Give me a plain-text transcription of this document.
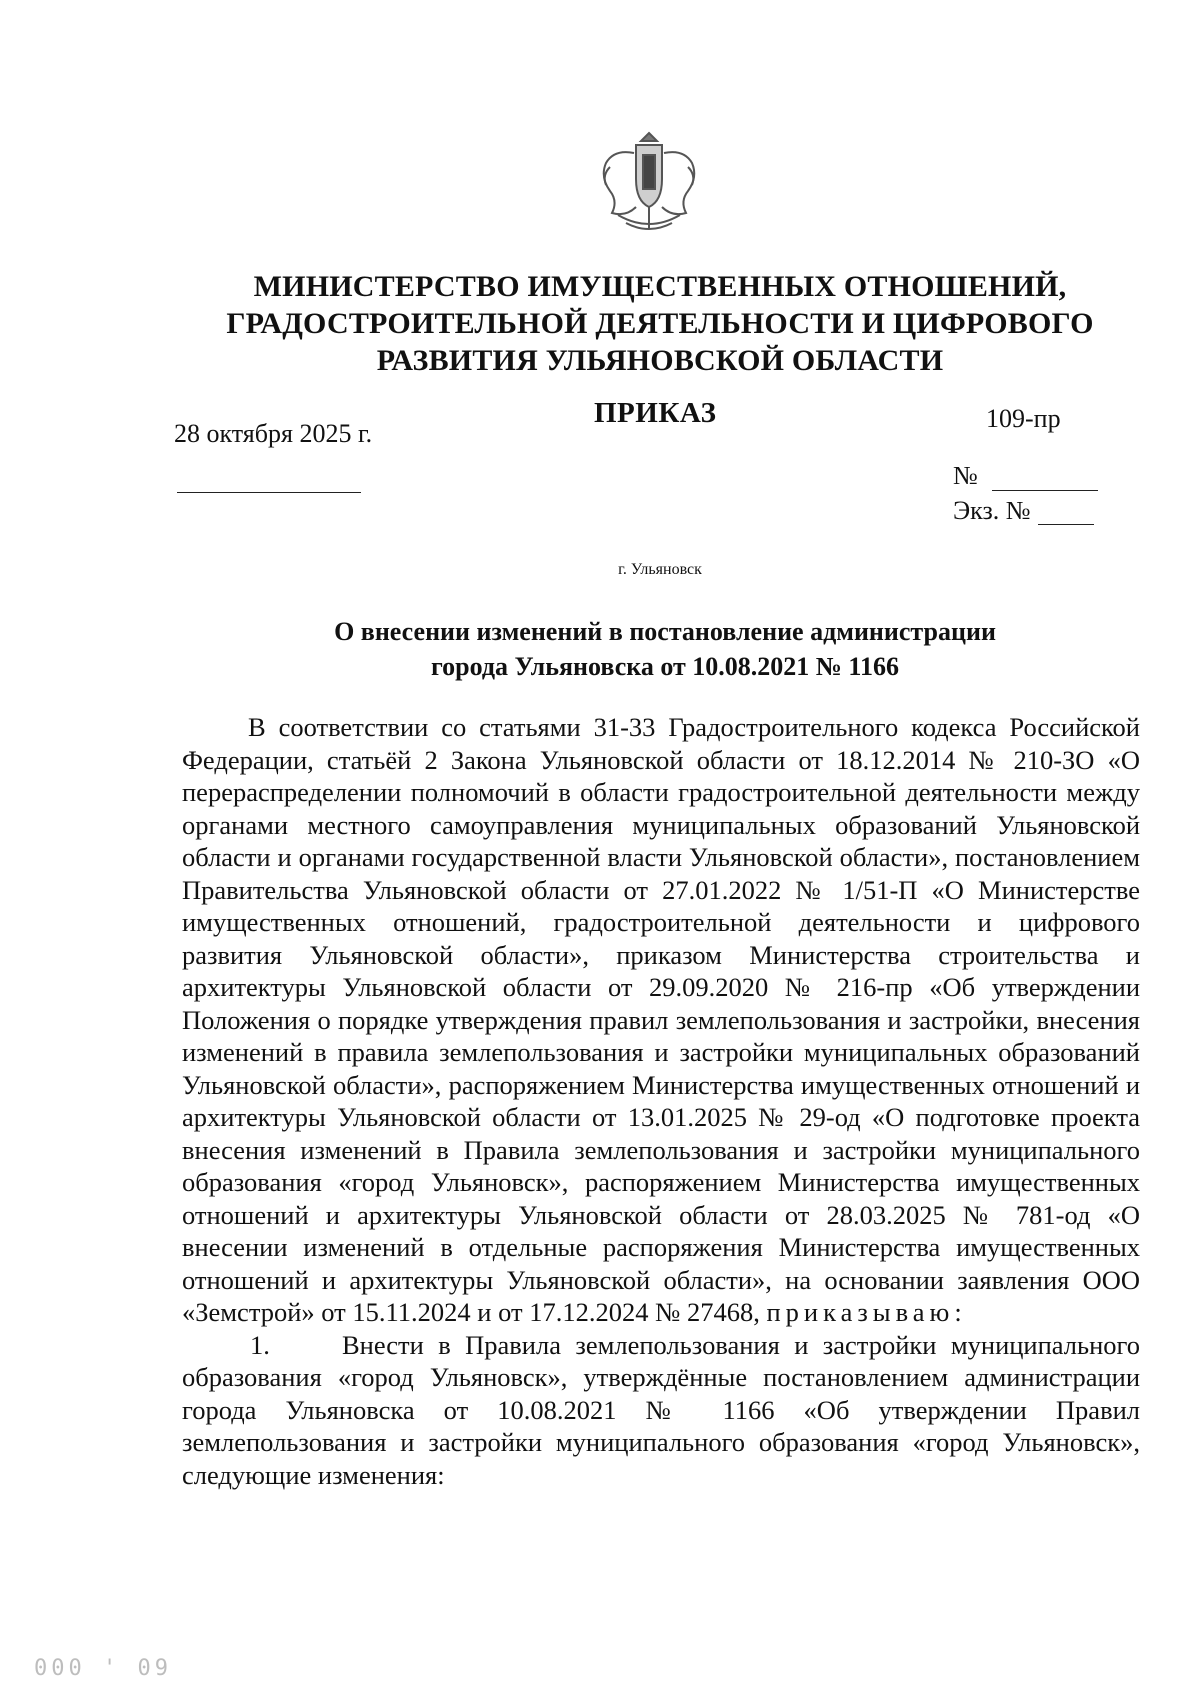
МИНИСТЕРСТВО ИМУЩЕСТВЕННЫХ ОТНОШЕНИЙ,
ГРАДОСТРОИТЕЛЬНОЙ ДЕЯТЕЛЬНОСТИ И ЦИФРОВОГО
РАЗВИТИЯ УЛЬЯНОВСКОЙ ОБЛАСТИ
ПРИКАЗ
28 октября 2025 г.
109-пр
№
Экз. №
г. Ульяновск
О внесении изменений в постановление администрации
города Ульяновска от 10.08.2021 № 1166

В соответствии со статьями 31-33 Градостроительного кодекса Российской Федерации, статьёй 2 Закона Ульяновской области от 18.12.2014 № 210-ЗО «О перераспределении полномочий в области градостроительной деятельности между органами местного самоуправления муниципальных образований Ульяновской области и органами государственной власти Ульяновской области», постановлением Правительства Ульяновской области от 27.01.2022 № 1/51-П «О Министерстве имущественных отношений, градостроительной деятельности и цифрового развития Ульяновской области», приказом Министерства строительства и архитектуры Ульяновской области от 29.09.2020 № 216-пр «Об утверждении Положения о порядке утверждения правил землепользования и застройки, внесения изменений в правила землепользования и застройки муниципальных образований Ульяновской области», распоряжением Министерства имущественных отношений и архитектуры Ульяновской области от 13.01.2025 № 29-од «О подготовке проекта внесения изменений в Правила землепользования и застройки муниципального образования «город Ульяновск», распоряжением Министерства имущественных отношений и архитектуры Ульяновской области от 28.03.2025 № 781-од «О внесении изменений в отдельные распоряжения Министерства имущественных отношений и архитектуры Ульяновской области», на основании заявления ООО «Земстрой» от 15.11.2024 и от 17.12.2024 № 27468, приказываю:

1.     Внести в Правила землепользования и застройки муниципального образования «город Ульяновск», утверждённые постановлением администрации города Ульяновска от 10.08.2021 № 1166 «Об утверждении Правил землепользования и застройки муниципального образования «город Ульяновск», следующие изменения:

000 ' 09
